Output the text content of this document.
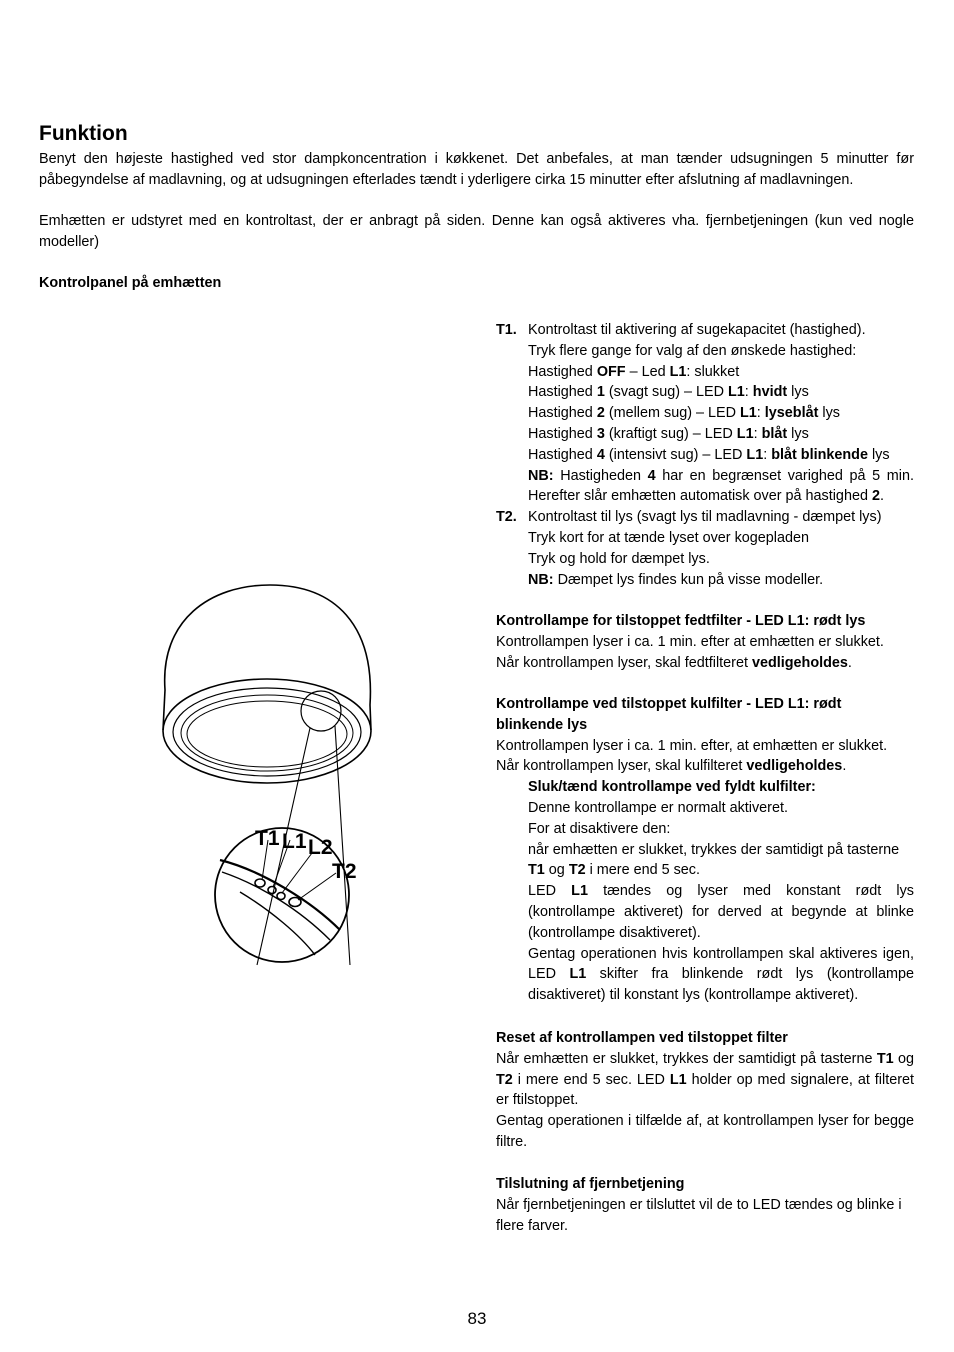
Funktion

Benyt den højeste hastighed ved stor dampkoncentration i køkkenet. Det anbefales, at man tænder udsugningen 5 minutter før påbegyndelse af madlavning, og at udsugningen efterlades tændt i yderligere cirka 15 minutter efter afslutning af madlavningen.

Emhætten er udstyret med en kontroltast, der er anbragt på siden. Denne kan også aktiveres vha. fjernbetjeningen (kun ved nogle modeller)

Kontrolpanel på emhætten
T1. Kontroltast til aktivering af sugekapacitet (hastighed).
Tryk flere gange for valg af den ønskede hastighed:
Hastighed OFF – Led L1: slukket
Hastighed 1 (svagt sug) – LED L1: hvidt lys
Hastighed 2 (mellem sug) – LED L1: lyseblåt lys
Hastighed 3 (kraftigt sug) – LED L1: blåt lys
Hastighed 4 (intensivt sug) – LED L1: blåt blinkende lys
NB: Hastigheden 4 har en begrænset varighed på 5 min. Herefter slår emhætten automatisk over på hastighed 2.
T2. Kontroltast til lys (svagt lys til madlavning - dæmpet lys)
Tryk kort for at tænde lyset over kogepladen
Tryk og hold for dæmpet lys.
NB: Dæmpet lys findes kun på visse modeller.
Kontrollampe for tilstoppet fedtfilter - LED L1: rødt lys
Kontrollampen lyser i ca. 1 min. efter at emhætten er slukket.
Når kontrollampen lyser, skal fedtfilteret vedligeholdes.
Kontrollampe ved tilstoppet kulfilter - LED L1: rødt
blinkende lys
Kontrollampen lyser i ca. 1 min. efter, at emhætten er slukket.
Når kontrollampen lyser, skal kulfilteret vedligeholdes.
Sluk/tænd kontrollampe ved fyldt kulfilter:
Denne kontrollampe er normalt aktiveret.
For at disaktivere den:
når emhætten er slukket, trykkes der samtidigt på tasterne T1 og T2 i mere end 5 sec.
LED L1 tændes og lyser med konstant rødt lys (kontrollampe aktiveret) for derved at begynde at blinke (kontrollampe disaktiveret).
Gentag operationen hvis kontrollampen skal aktiveres igen, LED L1 skifter fra blinkende rødt lys (kontrollampe disaktiveret) til konstant lys (kontrollampe aktiveret).
Reset af kontrollampen ved tilstoppet filter
Når emhætten er slukket, trykkes der samtidigt på tasterne T1 og T2 i mere end 5 sec. LED L1 holder op med signalere, at filteret er ftilstoppet.
Gentag operationen i tilfælde af, at kontrollampen lyser for begge filtre.
Tilslutning af fjernbetjening
Når fjernbetjeningen er tilsluttet vil de to LED tændes og blinke i flere farver.
T1 L1 L2
T2
83
